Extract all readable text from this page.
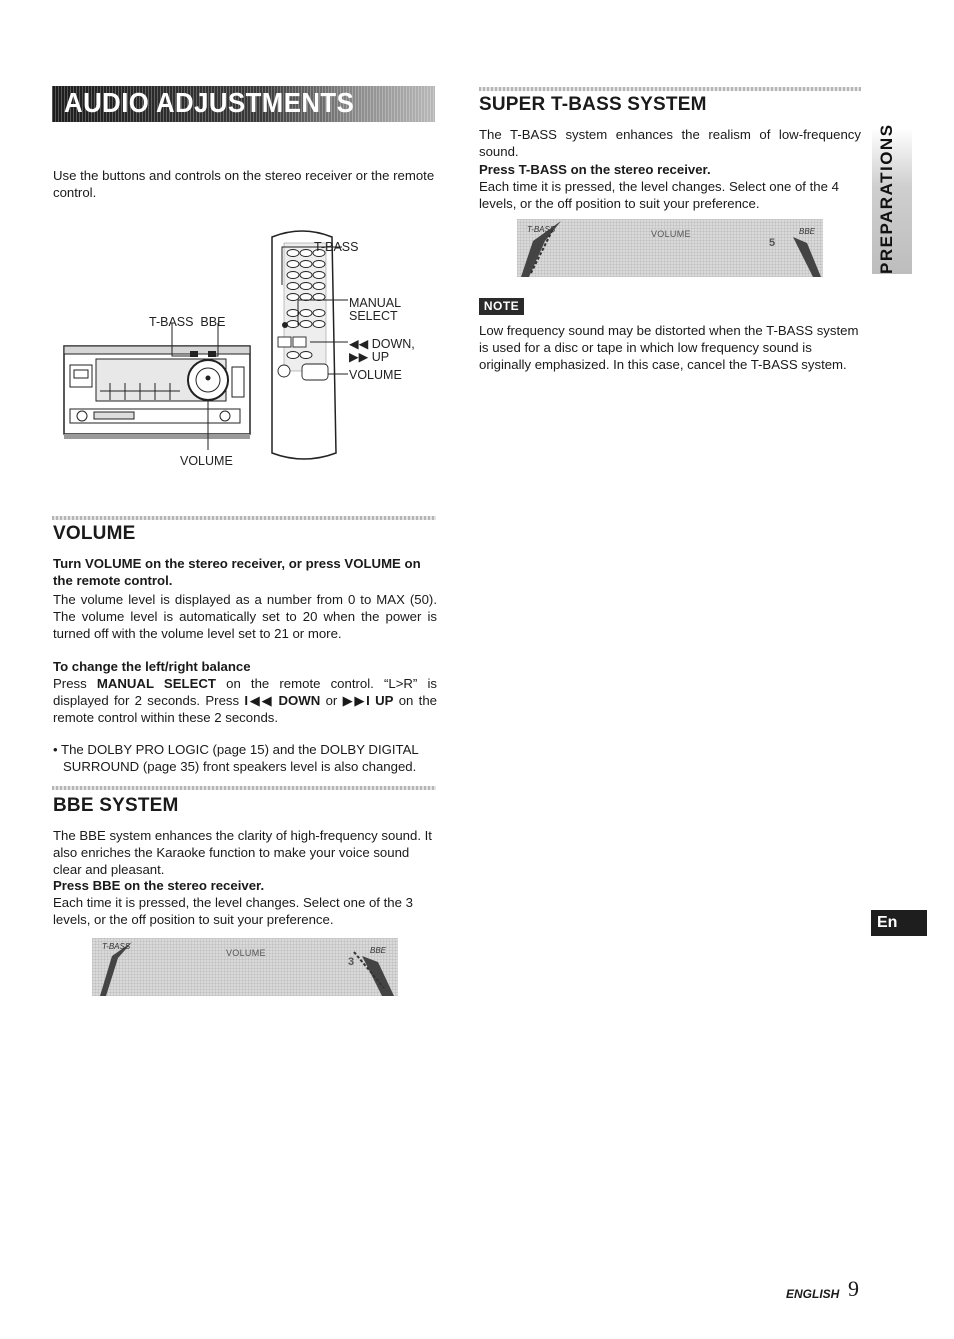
AUDIO ADJUSTMENTS

Use the buttons and controls on the stereo receiver or the remote control.

T-BASS
MANUAL
SELECT
◀◀ DOWN,
▶▶ UP
VOLUME
T-BASS  BBE
VOLUME
VOLUME

Turn VOLUME on the stereo receiver, or press VOLUME on the remote control.

The volume level is displayed as a number from 0 to MAX (50). The volume level is automatically set to 20 when the power is turned off with the volume level set to 21 or more.

To change the left/right balance

Press MANUAL SELECT on the remote control. “L>R” is displayed for 2 seconds. Press I◀◀ DOWN or ▶▶I UP on the remote control within these 2 seconds.

• The DOLBY PRO LOGIC (page 15) and the DOLBY DIGITAL SURROUND (page 35) front speakers level is also changed.

BBE SYSTEM

The BBE system enhances the clarity of high-frequency sound. It also enriches the Karaoke function to make your voice sound clear and pleasant.

Press BBE on the stereo receiver.

Each time it is pressed, the level changes. Select one of the 3 levels, or the off position to suit your preference.

T-BASS
VOLUME	BBE
3
SUPER T-BASS SYSTEM

The T-BASS system enhances the realism of low-frequency sound.

Press T-BASS on the stereo receiver.

Each time it is pressed, the level changes. Select one of the 4 levels, or the off position to suit your preference.

T-BASS	VOLUME	BBE
5
NOTE

Low frequency sound may be distorted when the T-BASS system is used for a disc or tape in which low frequency sound is originally emphasized. In this case, cancel the T-BASS system.

PREPARATIONS
En
ENGLISH 9
